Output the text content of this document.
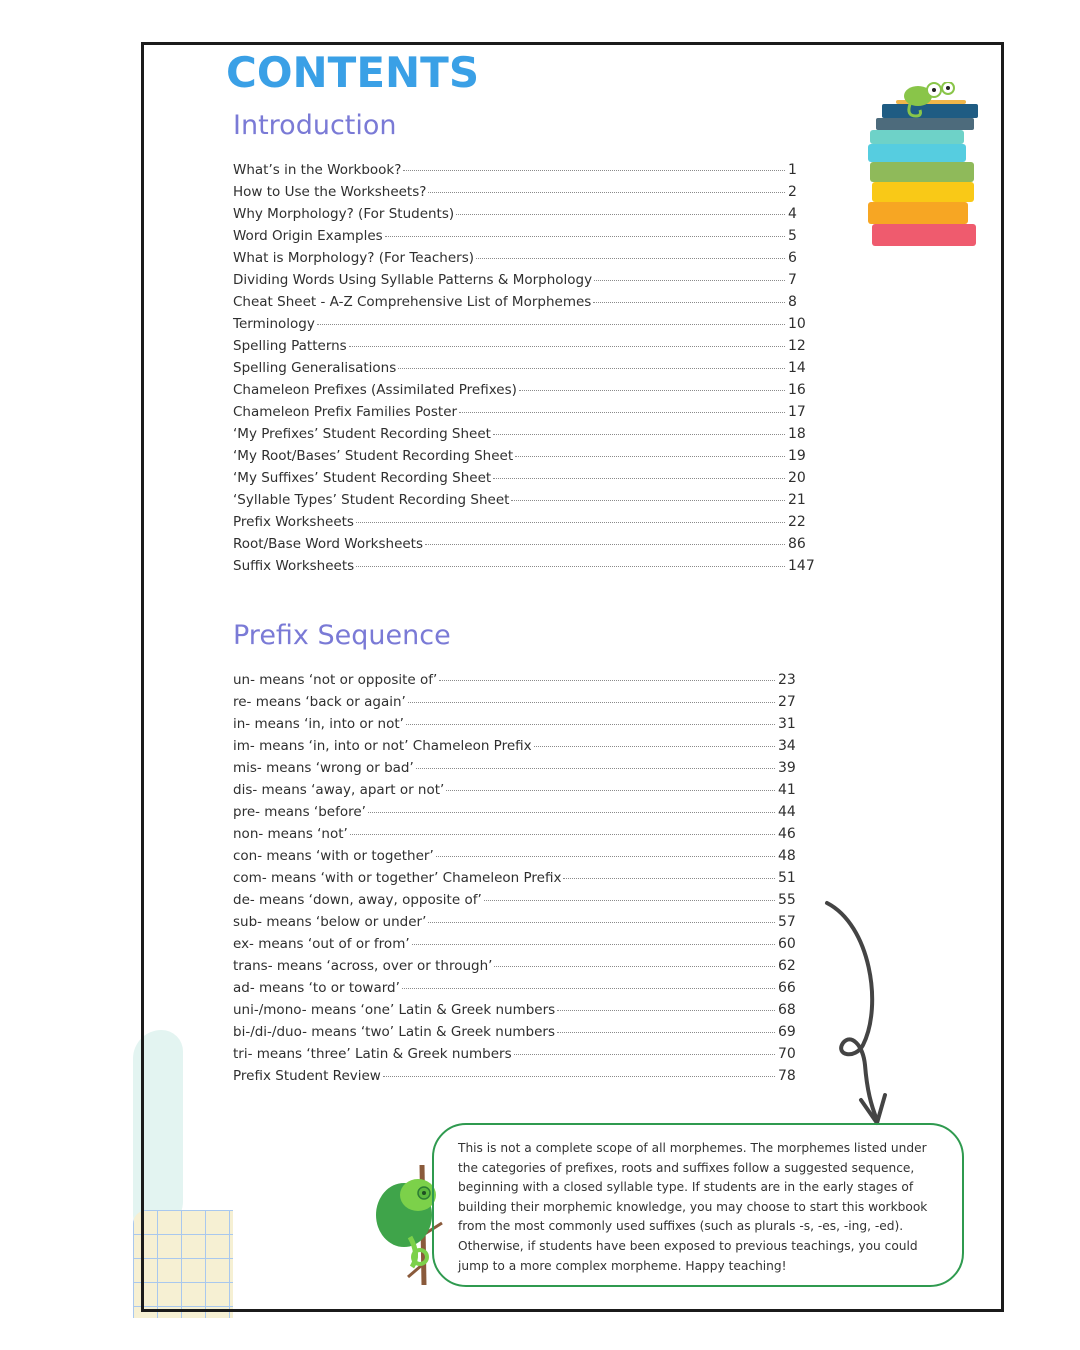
CONTENTS
Introduction
What’s in the Workbook?	1
How to Use the Worksheets?	2
Why Morphology? (For Students)	4
Word Origin Examples	5
What is Morphology? (For Teachers)	6
Dividing Words Using Syllable Patterns & Morphology	7
Cheat Sheet - A-Z Comprehensive List of Morphemes	8
Terminology	10
Spelling Patterns	12
Spelling Generalisations	14
Chameleon Prefixes (Assimilated Prefixes)	16
Chameleon Prefix Families Poster	17
‘My Prefixes’ Student Recording Sheet	18
‘My Root/Bases’ Student Recording Sheet	19
‘My Suffixes’ Student Recording Sheet	20
‘Syllable Types’ Student Recording Sheet	21
Prefix Worksheets	22
Root/Base Word Worksheets	86
Suffix Worksheets	147
Prefix Sequence
un- means ‘not or opposite of’	23
re- means ‘back or again’	27
in- means ‘in, into or not’	31
im- means ‘in, into or not’ Chameleon Prefix	34
mis- means ‘wrong or bad’	39
dis- means ‘away, apart or not’	41
pre- means ‘before’	44
non- means ‘not’	46
con- means ‘with or together’	48
com- means ‘with or together’ Chameleon Prefix	51
de- means ‘down, away, opposite of’	55
sub- means ‘below or under’	57
ex- means ‘out of or from’	60
trans- means ‘across, over or through’	62
ad- means ‘to or toward’	66
uni-/mono- means ‘one’ Latin & Greek numbers	68
bi-/di-/duo- means ‘two’ Latin & Greek numbers	69
tri- means ‘three’ Latin & Greek numbers	70
Prefix Student Review	78
This is not a complete scope of all morphemes. The morphemes listed under the categories of prefixes, roots and suffixes follow a suggested sequence, beginning with a closed syllable type. If students are in the early stages of building their morphemic knowledge, you may choose to start this workbook from the most commonly used suffixes (such as plurals -s, -es, -ing, -ed). Otherwise, if students have been exposed to previous teachings, you could jump to a more complex morpheme. Happy teaching!
